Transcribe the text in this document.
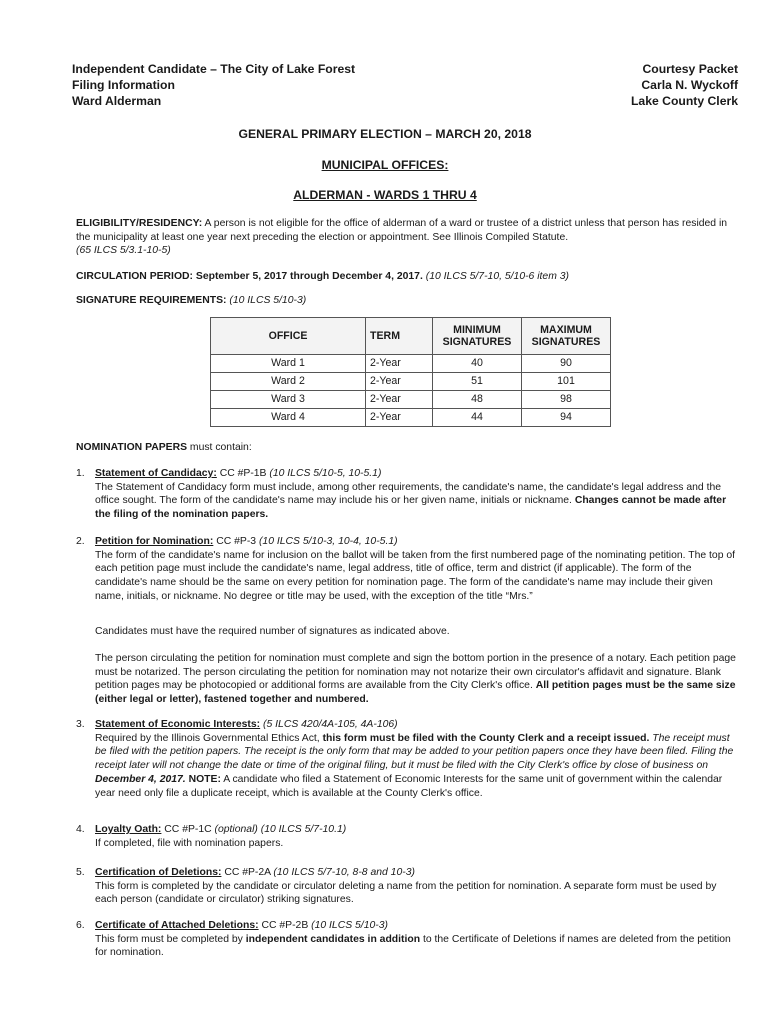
Independent Candidate – The City of Lake Forest
Filing Information
Ward Alderman
Courtesy Packet
Carla N. Wyckoff
Lake County Clerk
GENERAL PRIMARY ELECTION – MARCH 20, 2018
MUNICIPAL OFFICES:
ALDERMAN - WARDS 1 THRU 4

ELIGIBILITY/RESIDENCY: A person is not eligible for the office of alderman of a ward or trustee of a district unless that person has resided in the municipality at least one year next preceding the election or appointment. See Illinois Compiled Statute.

(65 ILCS 5/3.1-10-5)

CIRCULATION PERIOD: September 5, 2017 through December 4, 2017. (10 ILCS 5/7-10, 5/10-6 item 3)
SIGNATURE REQUIREMENTS: (10 ILCS 5/10-3)
OFFICE	TERM	MINIMUM SIGNATURES	MAXIMUM SIGNATURES
Ward 1	2-Year	40	90
Ward 2	2-Year	51	101
Ward 3	2-Year	48	98
Ward 4	2-Year	44	94
NOMINATION PAPERS must contain:
1. Statement of Candidacy: CC #P-1B (10 ILCS 5/10-5, 10-5.1)

The Statement of Candidacy form must include, among other requirements, the candidate's name, the candidate's legal address and the office sought. The form of the candidate's name may include his or her given name, initials or nickname. Changes cannot be made after the filing of the nomination papers.

2. Petition for Nomination: CC #P-3 (10 ILCS 5/10-3, 10-4, 10-5.1)

The form of the candidate's name for inclusion on the ballot will be taken from the first numbered page of the nominating petition. The top of each petition page must include the candidate's name, legal address, title of office, term and district (if applicable). The form of the candidate's name should be the same on every petition for nomination page. The form of the candidate's name may include their given name, initials, or nickname. No degree or title may be used, with the exception of the title “Mrs.”

Candidates must have the required number of signatures as indicated above.
The person circulating the petition for nomination must complete and sign the bottom portion in the presence of a notary. Each petition page must be notarized. The person circulating the petition for nomination may not notarize their own circulator's affidavit and signature. Blank petition pages may be photocopied or additional forms are available from the City Clerk's office. All petition pages must be the same size (either legal or letter), fastened together and numbered.
3. Statement of Economic Interests: (5 ILCS 420/4A-105, 4A-106)

Required by the Illinois Governmental Ethics Act, this form must be filed with the County Clerk and a receipt issued. The receipt must be filed with the petition papers. The receipt is the only form that may be added to your petition papers once they have been filed. Filing the receipt later will not change the date or time of the original filing, but it must be filed with the City Clerk's office by close of business on December 4, 2017. NOTE: A candidate who filed a Statement of Economic Interests for the same unit of government within the calendar year need only file a duplicate receipt, which is available at the County Clerk's office.

4. Loyalty Oath: CC #P-1C (optional) (10 ILCS 5/7-10.1)

If completed, file with nomination papers.

5. Certification of Deletions: CC #P-2A (10 ILCS 5/7-10, 8-8 and 10-3)

This form is completed by the candidate or circulator deleting a name from the petition for nomination. A separate form must be used by each person (candidate or circulator) striking signatures.

6. Certificate of Attached Deletions: CC #P-2B (10 ILCS 5/10-3)

This form must be completed by independent candidates in addition to the Certificate of Deletions if names are deleted from the petition for nomination.
